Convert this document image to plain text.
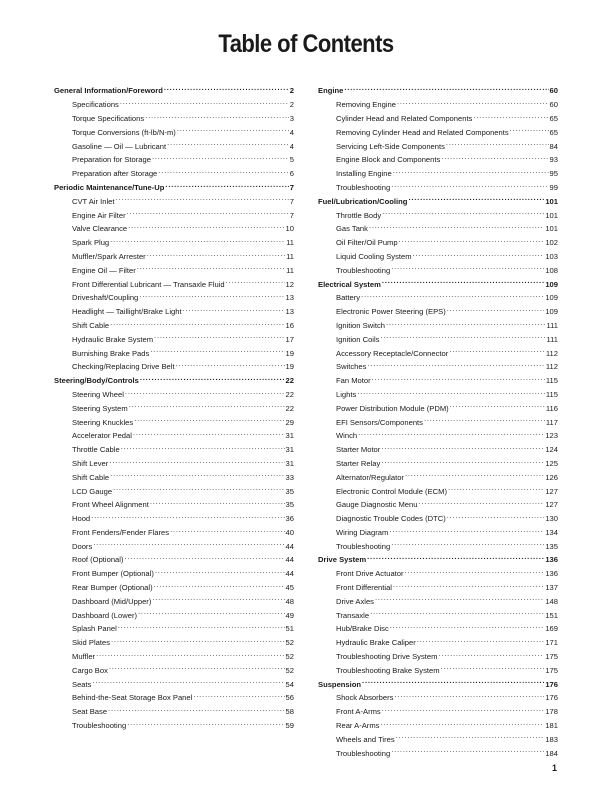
Table of Contents
General Information/Foreword .....	2
Specifications .....	2
Torque Specifications .....	3
Torque Conversions (ft-lb/N-m) .....	4
Gasoline — Oil — Lubricant .....	4
Preparation for Storage .....	5
Preparation after Storage .....	6
Periodic Maintenance/Tune-Up .....	7
CVT Air Inlet .....	7
Engine Air Filter .....	7
Valve Clearance .....	10
Spark Plug .....	11
Muffler/Spark Arrester .....	11
Engine Oil — Filter .....	11
Front Differential Lubricant — Transaxle Fluid .....	12
Driveshaft/Coupling .....	13
Headlight — Taillight/Brake Light .....	13
Shift Cable .....	16
Hydraulic Brake System .....	17
Burnishing Brake Pads .....	19
Checking/Replacing Drive Belt .....	19
Steering/Body/Controls .....	22
Steering Wheel .....	22
Steering System .....	22
Steering Knuckles .....	29
Accelerator Pedal .....	31
Throttle Cable .....	31
Shift Lever .....	31
Shift Cable .....	33
LCD Gauge .....	35
Front Wheel Alignment .....	35
Hood .....	36
Front Fenders/Fender Flares .....	40
Doors .....	44
Roof (Optional) .....	44
Front Bumper (Optional) .....	44
Rear Bumper (Optional) .....	45
Dashboard (Mid/Upper) .....	48
Dashboard (Lower) .....	49
Splash Panel .....	51
Skid Plates .....	52
Muffler .....	52
Cargo Box .....	52
Seats .....	54
Behind-the-Seat Storage Box Panel .....	56
Seat Base .....	58
Troubleshooting .....	59
Engine .....	60
Removing Engine .....	60
Cylinder Head and Related Components .....	65
Removing Cylinder Head and Related Components .....	65
Servicing Left-Side Components .....	84
Engine Block and Components .....	93
Installing Engine .....	95
Troubleshooting .....	99
Fuel/Lubrication/Cooling .....	101
Throttle Body .....	101
Gas Tank .....	101
Oil Filter/Oil Pump .....	102
Liquid Cooling System .....	103
Troubleshooting .....	108
Electrical System .....	109
Battery .....	109
Electronic Power Steering (EPS) .....	109
Ignition Switch .....	111
Ignition Coils .....	111
Accessory Receptacle/Connector .....	112
Switches .....	112
Fan Motor .....	115
Lights .....	115
Power Distribution Module (PDM) .....	116
EFI Sensors/Components .....	117
Winch .....	123
Starter Motor .....	124
Starter Relay .....	125
Alternator/Regulator .....	126
Electronic Control Module (ECM) .....	127
Gauge Diagnostic Menu .....	127
Diagnostic Trouble Codes (DTC) .....	130
Wiring Diagram .....	134
Troubleshooting .....	135
Drive System .....	136
Front Drive Actuator .....	136
Front Differential .....	137
Drive Axles .....	148
Transaxle .....	151
Hub/Brake Disc .....	169
Hydraulic Brake Caliper .....	171
Troubleshooting Drive System .....	175
Troubleshooting Brake System .....	175
Suspension .....	176
Shock Absorbers .....	176
Front A-Arms .....	178
Rear A-Arms .....	181
Wheels and Tires .....	183
Troubleshooting .....	184
1
